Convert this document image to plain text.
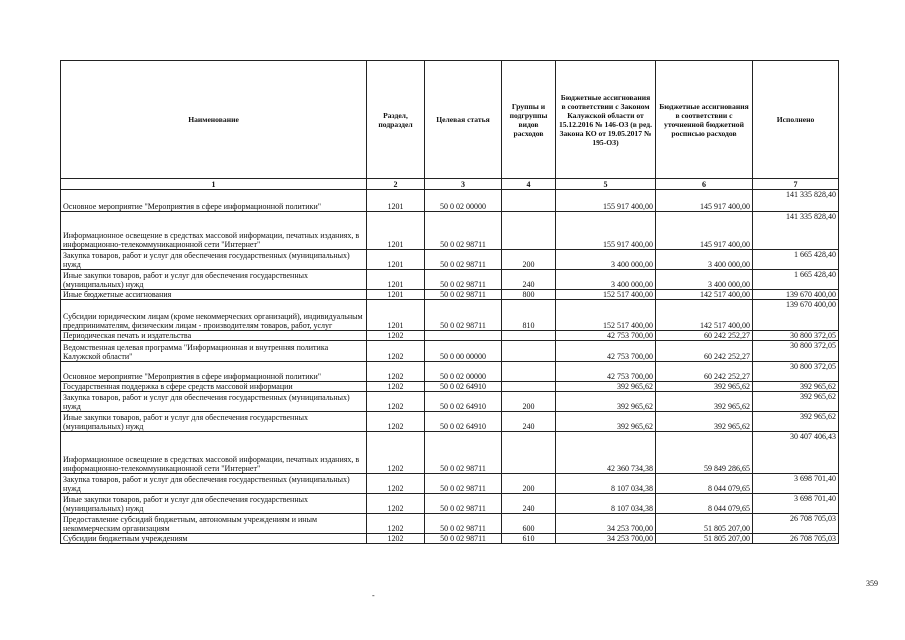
Наименование	Раздел, подраздел	Целевая статья	Группы и подгруппы видов расходов	Бюджетные ассигнования в соответствии с Законом Калужской области от 15.12.2016 № 146-ОЗ (в ред. Закона КО от 19.05.2017 № 195-ОЗ)	Бюджетные ассигнования в соответствии с уточненной бюджетной росписью расходов	Исполнено
1	2	3	4	5	6	7
Основное мероприятие "Мероприятия в сфере информационной политики"	1201	50 0 02 00000		155 917 400,00	145 917 400,00	141 335 828,40
Информационное освещение в средствах массовой информации, печатных изданиях, в информационно-телекоммуникационной сети "Интернет"	1201	50 0 02 98711		155 917 400,00	145 917 400,00	141 335 828,40
Закупка товаров, работ и услуг для обеспечения государственных (муниципальных) нужд	1201	50 0 02 98711	200	3 400 000,00	3 400 000,00	1 665 428,40
Иные закупки товаров, работ и услуг для обеспечения государственных (муниципальных) нужд	1201	50 0 02 98711	240	3 400 000,00	3 400 000,00	1 665 428,40
Иные бюджетные ассигнования	1201	50 0 02 98711	800	152 517 400,00	142 517 400,00	139 670 400,00
Субсидии юридическим лицам (кроме некоммерческих организаций), индивидуальным предпринимателям, физическим лицам - производителям товаров, работ, услуг	1201	50 0 02 98711	810	152 517 400,00	142 517 400,00	139 670 400,00
Периодическая печать и издательства	1202			42 753 700,00	60 242 252,27	30 800 372,05
Ведомственная целевая программа "Информационная и внутренняя политика Калужской области"	1202	50 0 00 00000		42 753 700,00	60 242 252,27	30 800 372,05
Основное мероприятие "Мероприятия в сфере информационной политики"	1202	50 0 02 00000		42 753 700,00	60 242 252,27	30 800 372,05
Государственная поддержка в сфере средств массовой информации	1202	50 0 02 64910		392 965,62	392 965,62	392 965,62
Закупка товаров, работ и услуг для обеспечения государственных (муниципальных) нужд	1202	50 0 02 64910	200	392 965,62	392 965,62	392 965,62
Иные закупки товаров, работ и услуг для обеспечения государственных (муниципальных) нужд	1202	50 0 02 64910	240	392 965,62	392 965,62	392 965,62
Информационное освещение в средствах массовой информации, печатных изданиях, в информационно-телекоммуникационной сети "Интернет"	1202	50 0 02 98711		42 360 734,38	59 849 286,65	30 407 406,43
Закупка товаров, работ и услуг для обеспечения государственных (муниципальных) нужд	1202	50 0 02 98711	200	8 107 034,38	8 044 079,65	3 698 701,40
Иные закупки товаров, работ и услуг для обеспечения государственных (муниципальных) нужд	1202	50 0 02 98711	240	8 107 034,38	8 044 079,65	3 698 701,40
Предоставление субсидий бюджетным, автономным учреждениям и иным некоммерческим организациям	1202	50 0 02 98711	600	34 253 700,00	51 805 207,00	26 708 705,03
Субсидии бюджетным учреждениям	1202	50 0 02 98711	610	34 253 700,00	51 805 207,00	26 708 705,03
359
-
